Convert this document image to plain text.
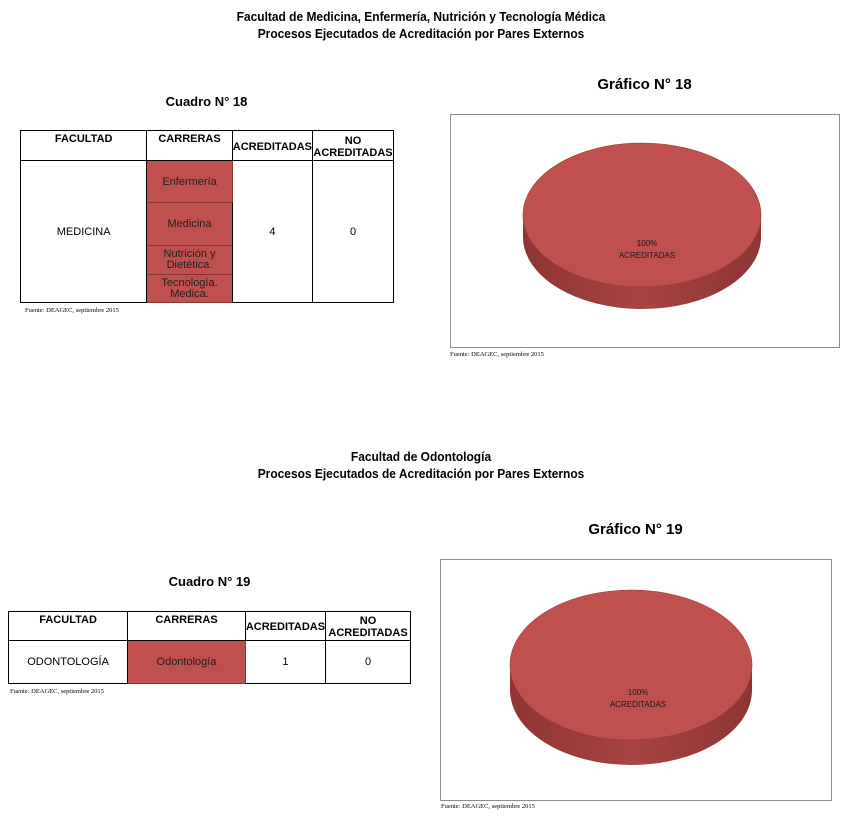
Facultad de Medicina, Enfermería, Nutrición y Tecnología Médica
Procesos Ejecutados de Acreditación por Pares Externos
Cuadro N° 18
FACULTAD	CARRERAS	ACREDITADAS	NO ACREDITADAS
MEDICINA	Enfermería	4	0
	Medicina		
	Nutrición y Dietética.		
	Tecnología. Medica.		
Fuente: DEAGEC, septiembre 2015
Gráfico N° 18
100%
ACREDITADAS
Fuente: DEAGEC, septiembre 2015
Facultad de Odontología
Procesos Ejecutados de Acreditación por Pares Externos
Gráfico N° 19
Cuadro N° 19
FACULTAD	CARRERAS	ACREDITADAS	NO ACREDITADAS
ODONTOLOGÍA	Odontología	1	0
Fuente: DEAGEC, septiembre 2015	100%
ACREDITADAS
Fuente: DEAGEC, septiembre 2015
